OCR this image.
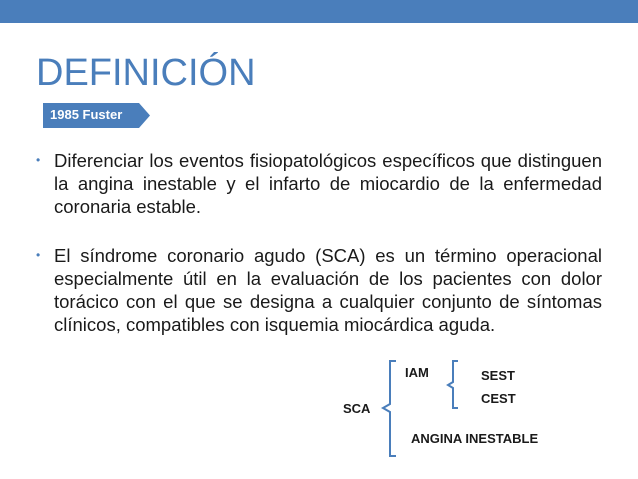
DEFINICIÓN
1985 Fuster
• Diferenciar los eventos fisiopatológicos específicos que distinguen la angina inestable y el infarto de miocardio de la enfermedad coronaria estable.
• El síndrome coronario agudo (SCA) es un término operacional especialmente útil en la evaluación de los pacientes con dolor torácico con el que se designa a cualquier conjunto de síntomas clínicos, compatibles con isquemia miocárdica aguda.
SCA
IAM	SEST
CEST
ANGINA INESTABLE
